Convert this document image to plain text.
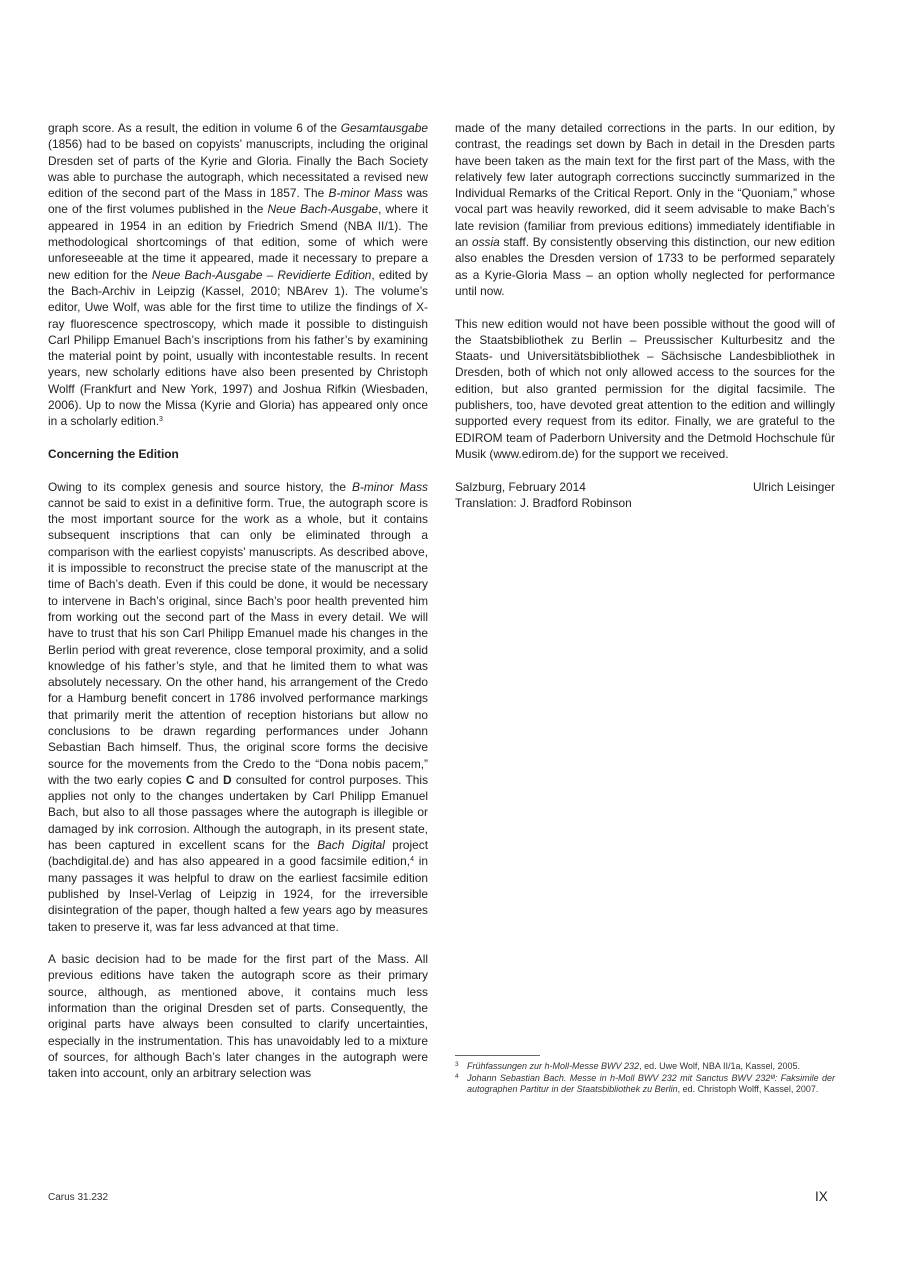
graph score. As a result, the edition in volume 6 of the Gesamtausgabe (1856) had to be based on copyists’ manuscripts, including the original Dresden set of parts of the Kyrie and Gloria. Finally the Bach Society was able to purchase the autograph, which necessitated a revised new edition of the second part of the Mass in 1857. The B-minor Mass was one of the first volumes published in the Neue Bach-Ausgabe, where it appeared in 1954 in an edition by Friedrich Smend (NBA II/1). The methodological shortcomings of that edition, some of which were unforeseeable at the time it appeared, made it necessary to prepare a new edition for the Neue Bach-Ausgabe – Revidierte Edition, edited by the Bach-Archiv in Leipzig (Kassel, 2010; NBArev 1). The volume’s editor, Uwe Wolf, was able for the first time to utilize the findings of X-ray fluorescence spectroscopy, which made it possible to distinguish Carl Philipp Emanuel Bach’s inscriptions from his father’s by examining the material point by point, usually with incontestable results. In recent years, new scholarly editions have also been presented by Christoph Wolff (Frankfurt and New York, 1997) and Joshua Rifkin (Wiesbaden, 2006). Up to now the Missa (Kyrie and Gloria) has appeared only once in a scholarly edition.$^3$

Concerning the Edition

Owing to its complex genesis and source history, the B-minor Mass cannot be said to exist in a definitive form. True, the autograph score is the most important source for the work as a whole, but it contains subsequent inscriptions that can only be eliminated through a comparison with the earliest copyists’ manuscripts. As described above, it is impossible to reconstruct the precise state of the manuscript at the time of Bach’s death. Even if this could be done, it would be necessary to intervene in Bach’s original, since Bach’s poor health prevented him from working out the second part of the Mass in every detail. We will have to trust that his son Carl Philipp Emanuel made his changes in the Berlin period with great reverence, close temporal proximity, and a solid knowledge of his father’s style, and that he limited them to what was absolutely necessary. On the other hand, his arrangement of the Credo for a Hamburg benefit concert in 1786 involved performance markings that primarily merit the attention of reception historians but allow no conclusions to be drawn regarding performances under Johann Sebastian Bach himself. Thus, the original score forms the decisive source for the movements from the Credo to the “Dona nobis pacem,” with the two early copies C and D consulted for control purposes. This applies not only to the changes undertaken by Carl Philipp Emanuel Bach, but also to all those passages where the autograph is illegible or damaged by ink corrosion. Although the autograph, in its present state, has been captured in excellent scans for the Bach Digital project (bachdigital.de) and has also appeared in a good facsimile edition,$^4$ in many passages it was helpful to draw on the earliest facsimile edition published by Insel-Verlag of Leipzig in 1924, for the irreversible disintegration of the paper, though halted a few years ago by measures taken to preserve it, was far less advanced at that time.

A basic decision had to be made for the first part of the Mass. All previous editions have taken the autograph score as their primary source, although, as mentioned above, it contains much less information than the original Dresden set of parts. Consequently, the original parts have always been consulted to clarify uncertainties, especially in the instrumentation. This has unavoidably led to a mixture of sources, for although Bach’s later changes in the autograph were taken into account, only an arbitrary selection was

made of the many detailed corrections in the parts. In our edition, by contrast, the readings set down by Bach in detail in the Dresden parts have been taken as the main text for the first part of the Mass, with the relatively few later autograph corrections succinctly summarized in the Individual Remarks of the Critical Report. Only in the “Quoniam,” whose vocal part was heavily reworked, did it seem advisable to make Bach’s late revision (familiar from previous editions) immediately identifiable in an ossia staff. By consistently observing this distinction, our new edition also enables the Dresden version of 1733 to be performed separately as a Kyrie-Gloria Mass – an option wholly neglected for performance until now.

This new edition would not have been possible without the good will of the Staatsbibliothek zu Berlin – Preussischer Kulturbesitz and the Staats- und Universitätsbibliothek – Sächsische Landesbibliothek in Dresden, both of which not only allowed access to the sources for the edition, but also granted permission for the digital facsimile. The publishers, too, have devoted great attention to the edition and willingly supported every request from its editor. Finally, we are grateful to the EDIROM team of Paderborn University and the Detmold Hochschule für Musik (www.edirom.de) for the support we received.

Salzburg, February 2014	Ulrich Leisinger
Translation: J. Bradford Robinson
3 Frühfassungen zur h-Moll-Messe BWV 232, ed. Uwe Wolf, NBA II/1a, Kassel, 2005.
4 Johann Sebastian Bach. Messe in h-Moll BWV 232 mit Sanctus BWV 232ᴵᴵᴵ: Faksimile der autographen Partitur in der Staatsbibliothek zu Berlin, ed. Christoph Wolff, Kassel, 2007.
Carus 31.232	IX
